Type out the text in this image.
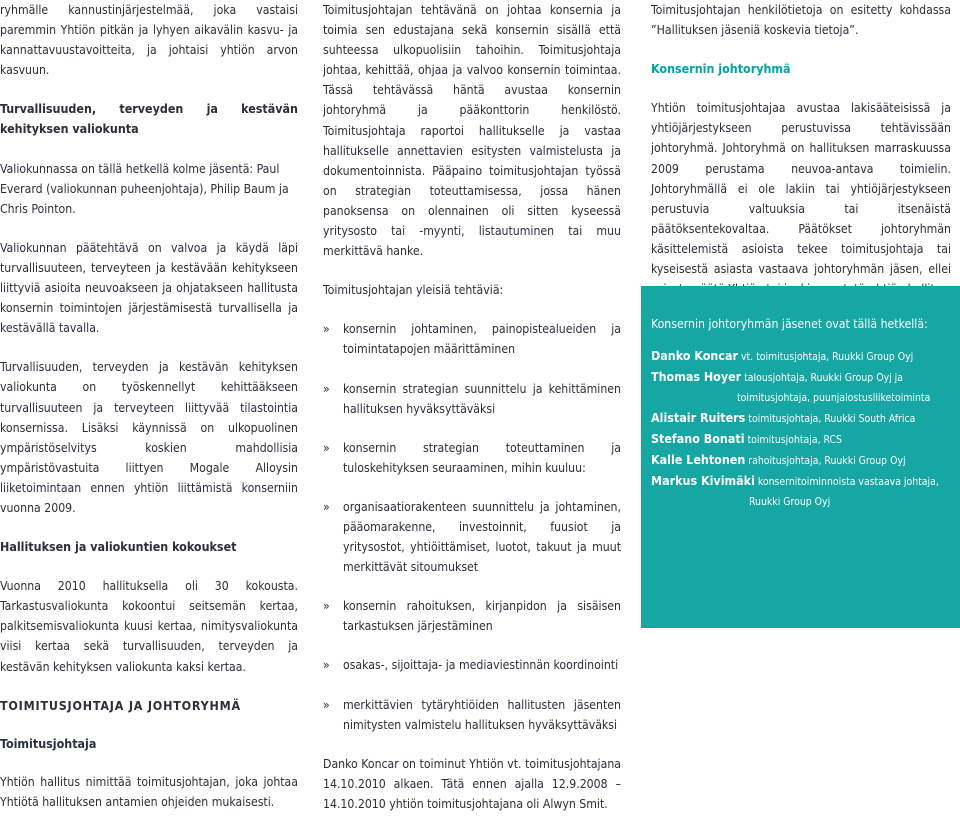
ryhmälle kannustinjärjestelmää, joka vastaisi paremmin Yhtiön pitkän ja lyhyen aikavälin kasvu- ja kannattavuustavoitteita, ja johtaisi yhtiön arvon kasvuun.

Turvallisuuden, terveyden ja kestävän kehityksen valiokunta

Valiokunnassa on tällä hetkellä kolme jäsentä: Paul Everard (valiokunnan puheenjohtaja), Philip Baum ja Chris Pointon.

Valiokunnan päätehtävä on valvoa ja käydä läpi turvallisuuteen, terveyteen ja kestävään kehitykseen liittyviä asioita neuvoakseen ja ohjatakseen hallitusta konsernin toimintojen järjestämisestä turvallisella ja kestävällä tavalla.

Turvallisuuden, terveyden ja kestävän kehityksen valiokunta on työskennellyt kehittääkseen turvallisuuteen ja terveyteen liittyvää tilastointia konsernissa. Lisäksi käynnissä on ulkopuolinen ympäristöselvitys koskien mahdollisia ympäristövastuita liittyen Mogale Alloysin liiketoimintaan ennen yhtiön liittämistä konserniin vuonna 2009.

Hallituksen ja valiokuntien kokoukset

Vuonna 2010 hallituksella oli 30 kokousta. Tarkastusvaliokunta kokoontui seitsemän kertaa, palkitsemisvaliokunta kuusi kertaa, nimitysvaliokunta viisi kertaa sekä turvallisuuden, terveyden ja kestävän kehityksen valiokunta kaksi kertaa.

TOIMITUSJOHTAJA JA JOHTORYHMÄ
Toimitusjohtaja

Yhtiön hallitus nimittää toimitusjohtajan, joka johtaa Yhtiötä hallituksen antamien ohjeiden mukaisesti.

Toimitusjohtajan tehtävänä on johtaa konsernia ja toimia sen edustajana sekä konsernin sisällä että suhteessa ulkopuolisiin tahoihin. Toimitusjohtaja johtaa, kehittää, ohjaa ja valvoo konsernin toimintaa. Tässä tehtävässä häntä avustaa konsernin johtoryhmä ja pääkonttorin henkilöstö. Toimitusjohtaja raportoi hallitukselle ja vastaa hallitukselle annettavien esitysten valmistelusta ja dokumentoinnista. Pääpaino toimitusjohtajan työssä on strategian toteuttamisessa, jossa hänen panoksensa on olennainen oli sitten kyseessä yritysosto tai -myynti, listautuminen tai muu merkittävä hanke.

Toimitusjohtajan yleisiä tehtäviä:

» konsernin johtaminen, painopistealueiden ja toimintatapojen määrittäminen
» konsernin strategian suunnittelu ja kehittäminen hallituksen hyväksyttäväksi
» konsernin strategian toteuttaminen ja tuloskehityksen seuraaminen, mihin kuuluu:
» organisaatiorakenteen suunnittelu ja johtaminen, pääomarakenne, investoinnit, fuusiot ja yritysostot, yhtiöittämiset, luotot, takuut ja muut merkittävät sitoumukset
» konsernin rahoituksen, kirjanpidon ja sisäisen tarkastuksen järjestäminen
» osakas-, sijoittaja- ja mediaviestinnän koordinointi
» merkittävien tytäryhtiöiden hallitusten jäsenten nimitysten valmistelu hallituksen hyväksyttäväksi

Danko Koncar on toiminut Yhtiön vt. toimitusjohtajana 14.10.2010 alkaen. Tätä ennen ajalla 12.9.2008 – 14.10.2010 yhtiön toimitusjohtajana oli Alwyn Smit.

Toimitusjohtajan henkilötietoja on esitetty kohdassa ”Hallituksen jäseniä koskevia tietoja”.

Konsernin johtoryhmä

Yhtiön toimitusjohtajaa avustaa lakisääteisissä ja yhtiöjärjestykseen perustuvissa tehtävissään johtoryhmä. Johtoryhmä on hallituksen marraskuussa 2009 perustama neuvoa-antava toimielin. Johtoryhmällä ei ole lakiin tai yhtiöjärjestykseen perustuvia valtuuksia tai itsenäistä päätöksentekovaltaa. Päätökset johtoryhmän käsittelemistä asioista tekee toimitusjohtaja tai kyseisestä asiasta vastaava johtoryhmän jäsen, ellei

Konsernin johtoryhmän jäsenet ovat tällä hetkellä:
Danko Koncar vt. toimitusjohtaja, Ruukki Group Oyj
Thomas Hoyer talousjohtaja, Ruukki Group Oyj ja
toimitusjohtaja, puunjalostusliiketoiminta
Alistair Ruiters toimitusjohtaja, Ruukki South Africa
Stefano Bonati toimitusjohtaja, RCS
Kalle Lehtonen rahoitusjohtaja, Ruukki Group Oyj
Markus Kivimäki konsernitoiminnoista vastaava johtaja,
Ruukki Group Oyj
